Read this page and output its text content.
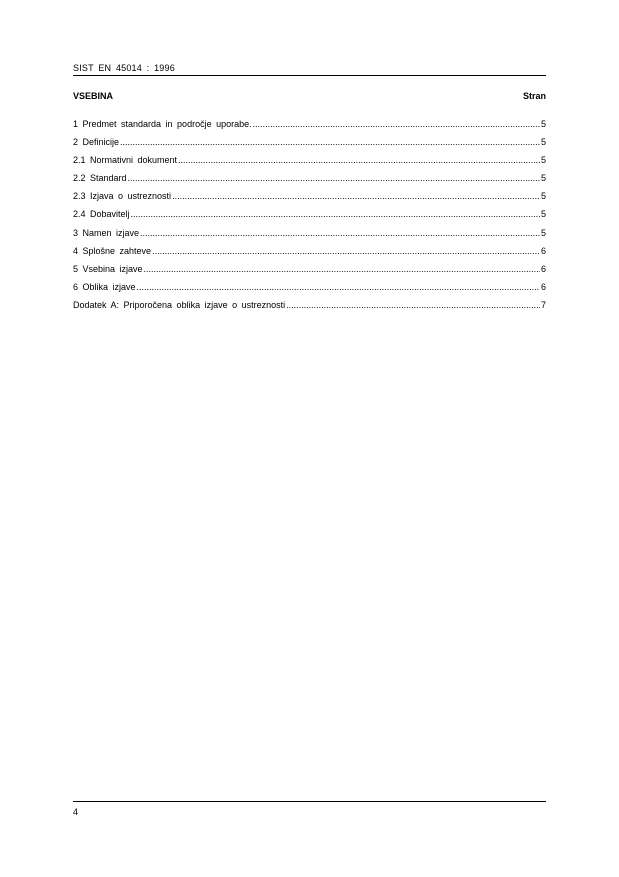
SIST EN 45014 : 1996
VSEBINA	Stran
1 Predmet standarda in področje uporabe. .....	5
2 Definicije .....	5
2.1 Normativni dokument .....	5
2.2 Standard .....	5
2.3 Izjava o ustreznosti .....	5
2.4 Dobavitelj .....	5
3 Namen izjave .....	5
4 Splošne zahteve .....	6
5 Vsebina izjave .....	6
6 Oblika izjave .....	6
Dodatek A: Priporočena oblika izjave o ustreznosti .....	7
4
